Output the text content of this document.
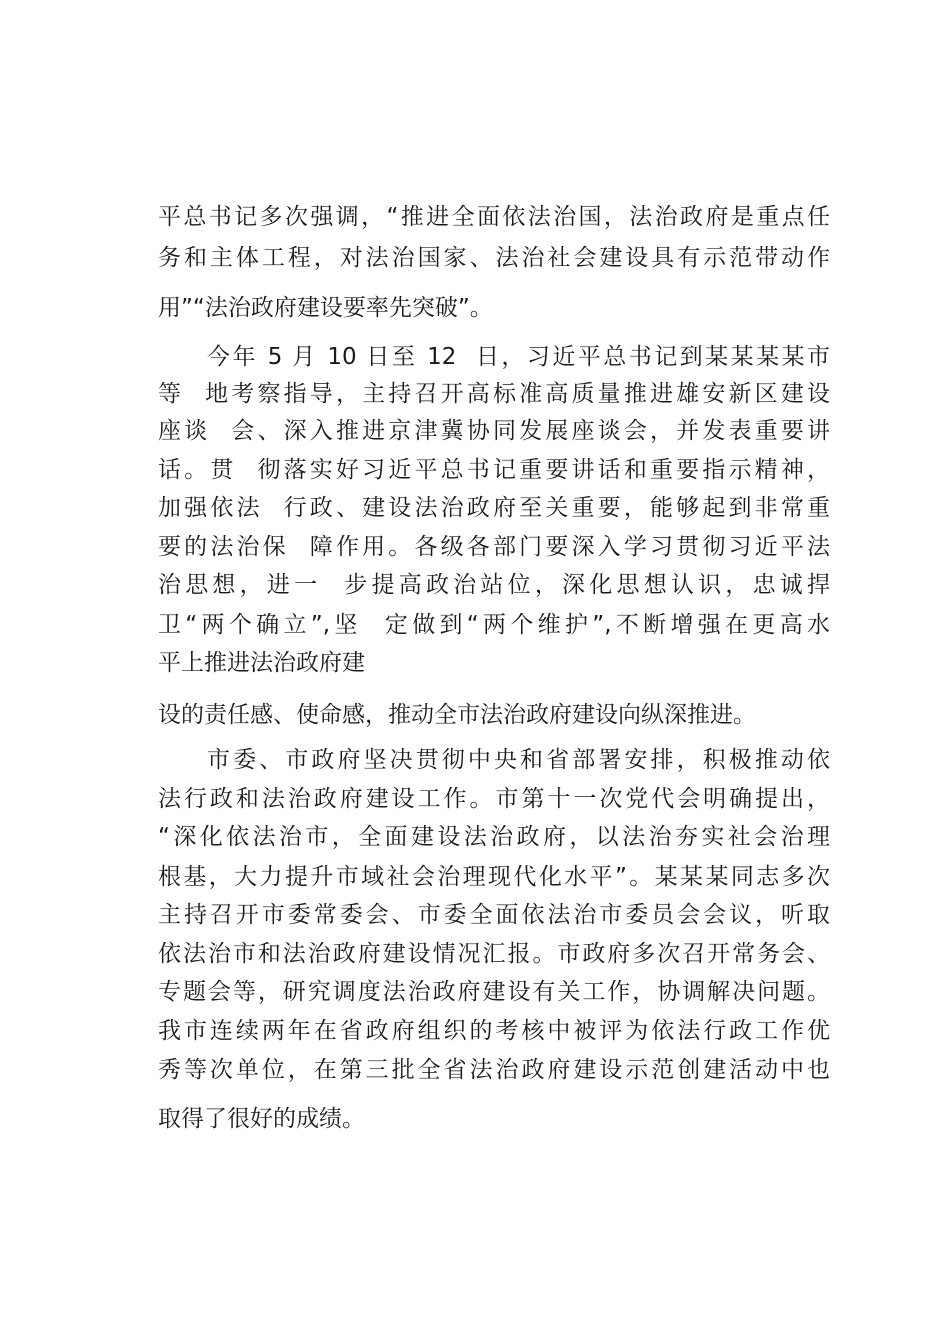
平总书记多次强调，“推进全面依法治国，法治政府是重点任

务和主体工程，对法治国家、法治社会建设具有示范带动作

用”“法治政府建设要率先突破”。

今年 5 月 10 日至 12  日，习近平总书记到某某某某市

等  地考察指导，主持召开高标准高质量推进雄安新区建设

座谈  会、深入推进京津冀协同发展座谈会，并发表重要讲

话。贯  彻落实好习近平总书记重要讲话和重要指示精神，

加强依法  行政、建设法治政府至关重要，能够起到非常重

要的法治保  障作用。各级各部门要深入学习贯彻习近平法

治思想，进一  步提高政治站位，深化思想认识，忠诚捍

卫“两个确立”,坚  定做到“两个维护”,不断增强在更高水

平上推进法治政府建

设的责任感、使命感，推动全市法治政府建设向纵深推进。

市委、市政府坚决贯彻中央和省部署安排，积极推动依

法行政和法治政府建设工作。市第十一次党代会明确提出，

“深化依法治市，全面建设法治政府，以法治夯实社会治理

根基，大力提升市域社会治理现代化水平”。某某某同志多次

主持召开市委常委会、市委全面依法治市委员会会议，听取

依法治市和法治政府建设情况汇报。市政府多次召开常务会、

专题会等，研究调度法治政府建设有关工作，协调解决问题。

我市连续两年在省政府组织的考核中被评为依法行政工作优

秀等次单位，在第三批全省法治政府建设示范创建活动中也

取得了很好的成绩。
